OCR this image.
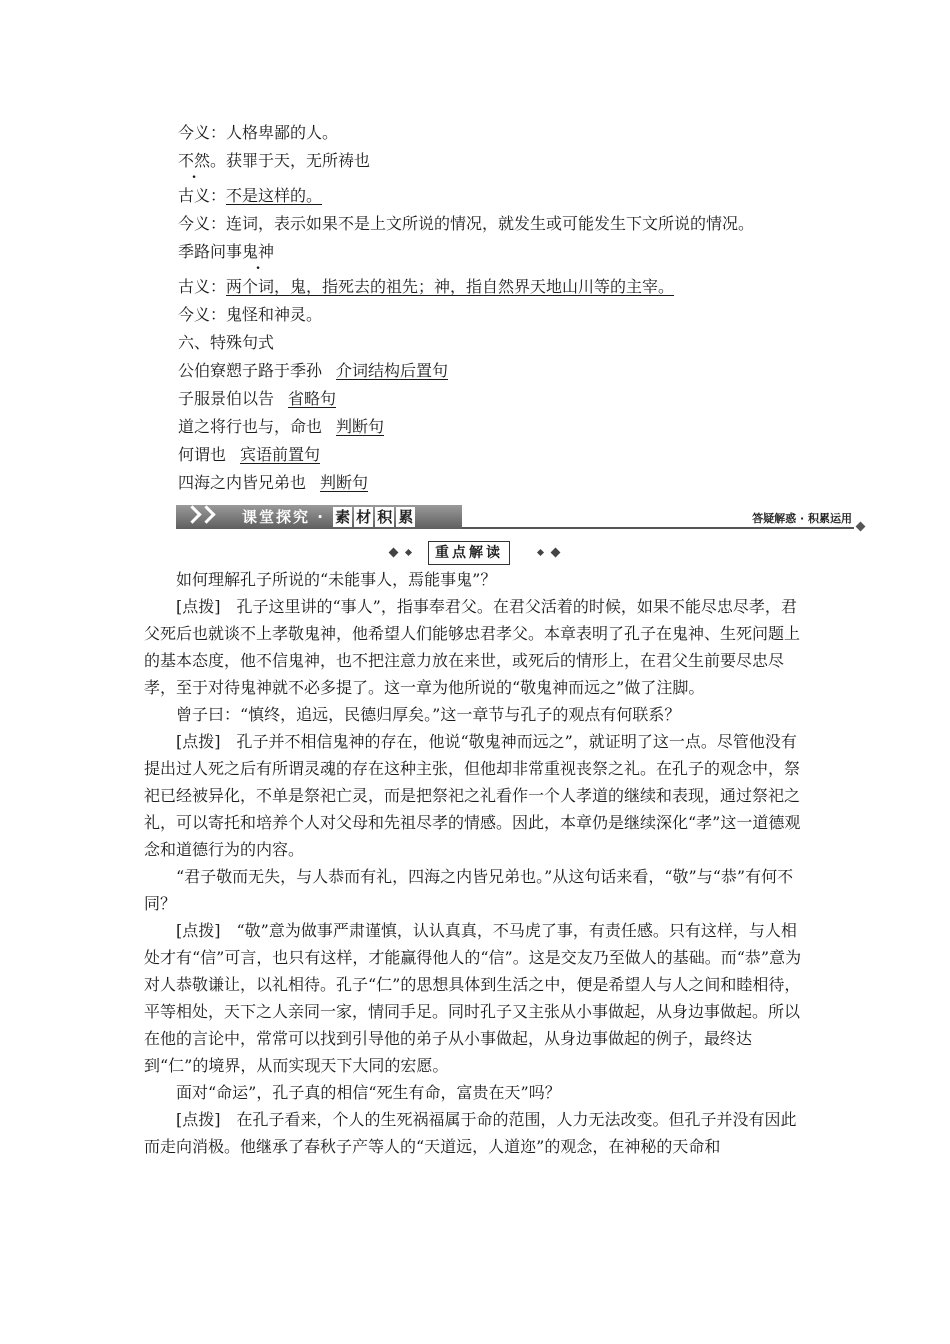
今义：人格卑鄙的人。
不然。获罪于天，无所祷也
古义：不是这样的。
今义：连词，表示如果不是上文所说的情况，就发生或可能发生下文所说的情况。
季路问事鬼神
古义：两个词，鬼，指死去的祖先；神，指自然界天地山川等的主宰。
今义：鬼怪和神灵。
六、特殊句式
公伯寮愬子路于季孙 介词结构后置句
子服景伯以告 省略句
道之将行也与，命也 判断句
何谓也 宾语前置句
四海之内皆兄弟也 判断句
课堂探究 · 素 材 积 累	答疑解惑 · 积累运用
重点解读

如何理解孔子所说的“未能事人，焉能事鬼”？

[点拨]　孔子这里讲的“事人”，指事奉君父。在君父活着的时候，如果不能尽忠尽孝，君父死后也就谈不上孝敬鬼神，他希望人们能够忠君孝父。本章表明了孔子在鬼神、生死问题上的基本态度，他不信鬼神，也不把注意力放在来世，或死后的情形上，在君父生前要尽忠尽孝，至于对待鬼神就不必多提了。这一章为他所说的“敬鬼神而远之”做了注脚。

曾子曰：“慎终，追远，民德归厚矣。”这一章节与孔子的观点有何联系？

[点拨]　孔子并不相信鬼神的存在，他说“敬鬼神而远之”，就证明了这一点。尽管他没有提出过人死之后有所谓灵魂的存在这种主张，但他却非常重视丧祭之礼。在孔子的观念中，祭祀已经被异化，不单是祭祀亡灵，而是把祭祀之礼看作一个人孝道的继续和表现，通过祭祀之礼，可以寄托和培养个人对父母和先祖尽孝的情感。因此，本章仍是继续深化“孝”这一道德观念和道德行为的内容。

“君子敬而无失，与人恭而有礼，四海之内皆兄弟也。”从这句话来看，“敬”与“恭”有何不同？

[点拨]　“敬”意为做事严肃谨慎，认认真真，不马虎了事，有责任感。只有这样，与人相处才有“信”可言，也只有这样，才能赢得他人的“信”。这是交友乃至做人的基础。而“恭”意为对人恭敬谦让，以礼相待。孔子“仁”的思想具体到生活之中，便是希望人与人之间和睦相待，平等相处，天下之人亲同一家，情同手足。同时孔子又主张从小事做起，从身边事做起。所以在他的言论中，常常可以找到引导他的弟子从小事做起，从身边事做起的例子，最终达到“仁”的境界，从而实现天下大同的宏愿。

面对“命运”，孔子真的相信“死生有命，富贵在天”吗？

[点拨]　在孔子看来，个人的生死祸福属于命的范围，人力无法改变。但孔子并没有因此而走向消极。他继承了春秋子产等人的“天道远，人道迩”的观念，在神秘的天命和
